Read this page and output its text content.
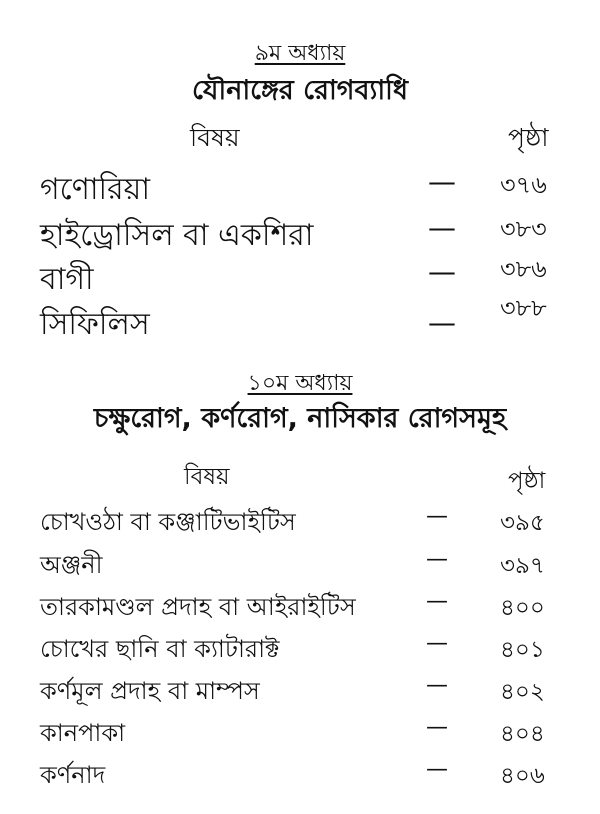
৯ম অধ্যায়
যৌনাঙ্গের রোগব্যাধি
বিষয়	পৃষ্ঠা
গণোরিয়া	— ৩৭৬
হাইড্রোসিল বা একশিরা	— ৩৮৩
বাগী	— ৩৮৬
সিফিলিস	— ৩৮৮
১০ম অধ্যায়
চক্ষুরোগ, কর্ণরোগ, নাসিকার রোগসমূহ
বিষয়	পৃষ্ঠা
চোখওঠা বা কঞ্জাটিভাইটিস	— ৩৯৫
অঞ্জনী	— ৩৯৭
তারকামণ্ডল প্রদাহ বা আইরাইটিস	— ৪০০
চোখের ছানি বা ক্যাটারাক্ট	— ৪০১
কর্ণমূল প্রদাহ বা মাম্পস	— ৪০২
কানপাকা	— ৪০৪
কর্ণনাদ	— ৪০৬
